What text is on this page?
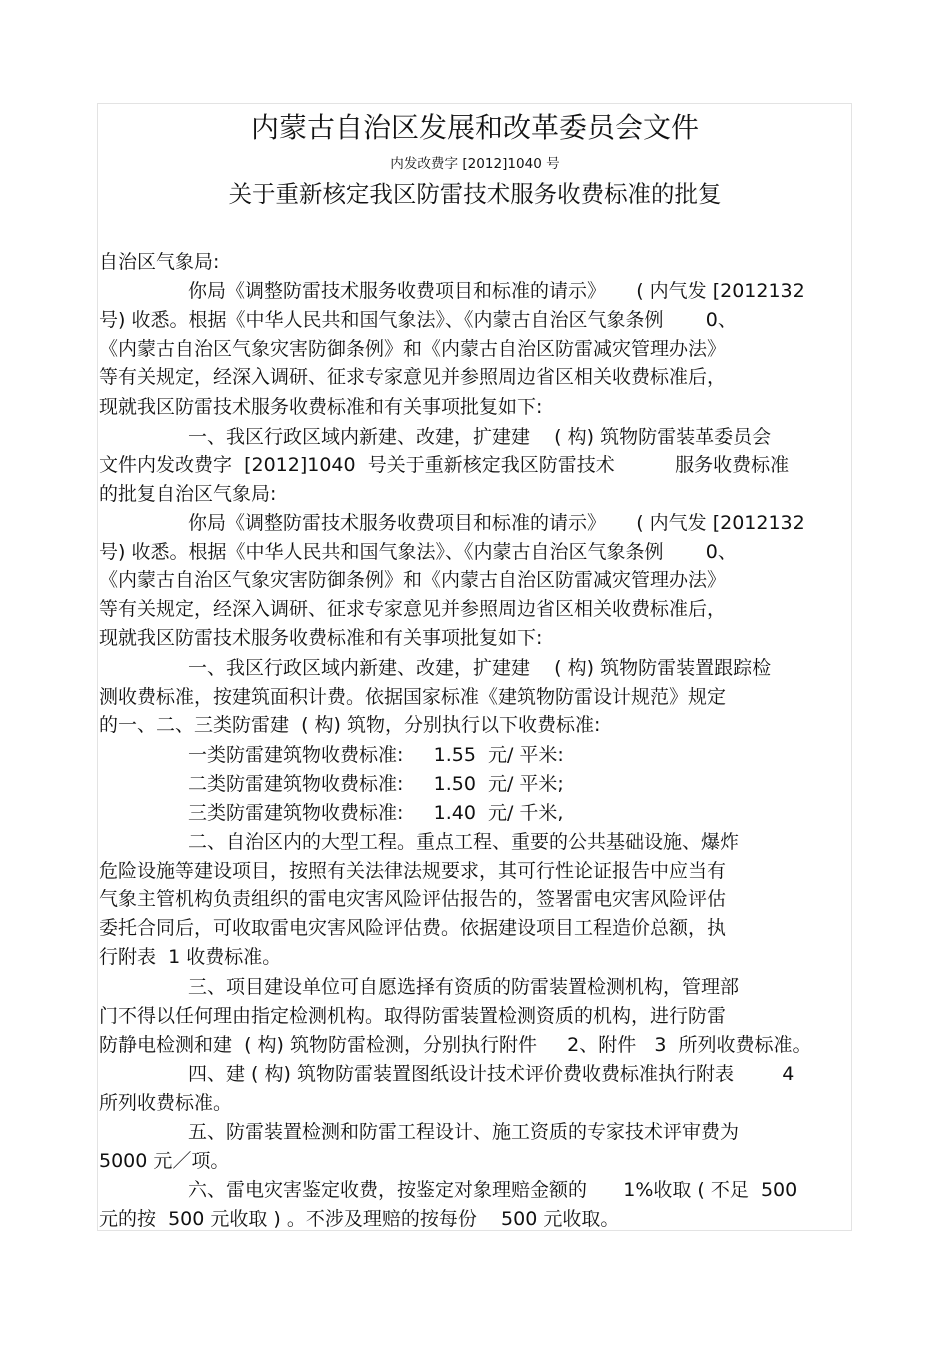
内蒙古自治区发展和改革委员会文件
内发改费字 [2012]1040 号
关于重新核定我区防雷技术服务收费标准的批复
自治区气象局:
你局《调整防雷技术服务收费项目和标准的请示》     ( 内气发 [2012132
号) 收悉。根据《中华人民共和国气象法》、《内蒙古自治区气象条例       0、
《内蒙古自治区气象灾害防御条例》和《内蒙古自治区防雷减灾管理办法》
等有关规定，经深入调研、征求专家意见并参照周边省区相关收费标准后，
现就我区防雷技术服务收费标准和有关事项批复如下:
一、我区行政区域内新建、改建，扩建建    ( 构) 筑物防雷装革委员会
文件内发改费字  [2012]1040  号关于重新核定我区防雷技术          服务收费标准
的批复自治区气象局:
你局《调整防雷技术服务收费项目和标准的请示》     ( 内气发 [2012132
号) 收悉。根据《中华人民共和国气象法》、《内蒙古自治区气象条例       0、
《内蒙古自治区气象灾害防御条例》和《内蒙古自治区防雷减灾管理办法》
等有关规定，经深入调研、征求专家意见并参照周边省区相关收费标准后，
现就我区防雷技术服务收费标准和有关事项批复如下:
一、我区行政区域内新建、改建，扩建建    ( 构) 筑物防雷装置跟踪检
测收费标准，按建筑面积计费。依据国家标准《建筑物防雷设计规范》规定
的一、二、三类防雷建  ( 构) 筑物，分别执行以下收费标准:
一类防雷建筑物收费标准:     1.55  元/ 平米:
二类防雷建筑物收费标准:     1.50  元/ 平米;
三类防雷建筑物收费标准:     1.40  元/ 千米,
二、自治区内的大型工程。重点工程、重要的公共基础设施、爆炸
危险设施等建设项目，按照有关法律法规要求，其可行性论证报告中应当有
气象主管机构负责组织的雷电灾害风险评估报告的，签署雷电灾害风险评估
委托合同后，可收取雷电灾害风险评估费。依据建设项目工程造价总额，执
行附表  1 收费标准。
三、项目建设单位可自愿选择有资质的防雷装置检测机构，管理部
门不得以任何理由指定检测机构。取得防雷装置检测资质的机构，进行防雷
防静电检测和建  ( 构) 筑物防雷检测，分别执行附件     2、附件   3  所列收费标准。
四、建 ( 构) 筑物防雷装置图纸设计技术评价费收费标准执行附表        4
所列收费标准。
五、防雷装置检测和防雷工程设计、施工资质的专家技术评审费为
5000 元／项。
六、雷电灾害鉴定收费，按鉴定对象理赔金额的      1%收取 ( 不足  500
元的按  500 元收取 ) 。不涉及理赔的按每份    500 元收取。
